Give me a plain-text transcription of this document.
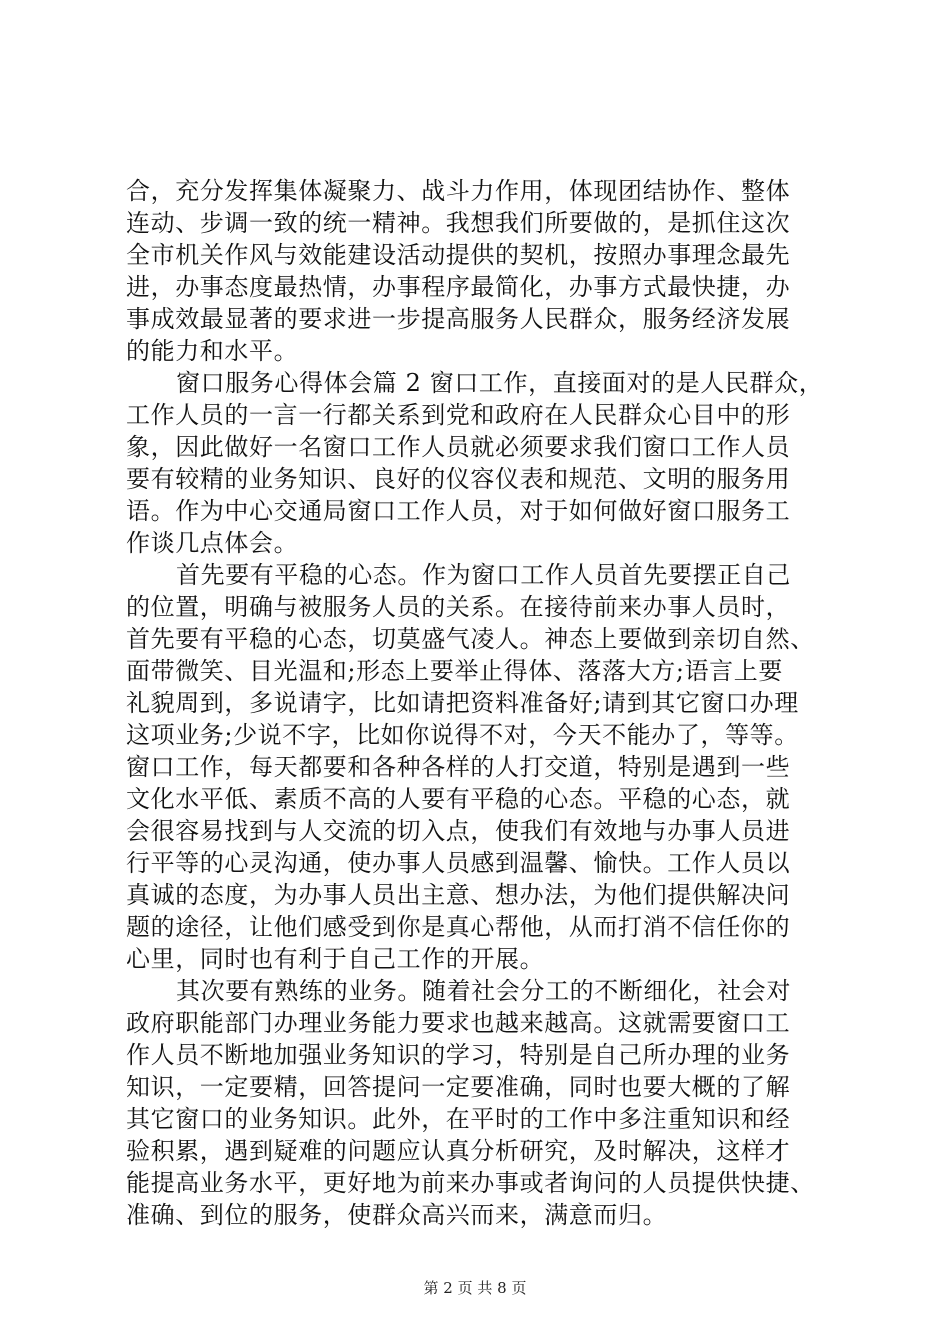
合，充分发挥集体凝聚力、战斗力作用，体现团结协作、整体
连动、步调一致的统一精神。我想我们所要做的，是抓住这次
全市机关作风与效能建设活动提供的契机，按照办事理念最先
进，办事态度最热情，办事程序最简化，办事方式最快捷，办
事成效最显著的要求进一步提高服务人民群众，服务经济发展
的能力和水平。
窗口服务心得体会篇 2 窗口工作，直接面对的是人民群众，
工作人员的一言一行都关系到党和政府在人民群众心目中的形
象，因此做好一名窗口工作人员就必须要求我们窗口工作人员
要有较精的业务知识、良好的仪容仪表和规范、文明的服务用
语。作为中心交通局窗口工作人员，对于如何做好窗口服务工
作谈几点体会。
首先要有平稳的心态。作为窗口工作人员首先要摆正自己
的位置，明确与被服务人员的关系。在接待前来办事人员时，
首先要有平稳的心态，切莫盛气凌人。神态上要做到亲切自然、
面带微笑、目光温和;形态上要举止得体、落落大方;语言上要
礼貌周到，多说请字，比如请把资料准备好;请到其它窗口办理
这项业务;少说不字，比如你说得不对，今天不能办了，等等。
窗口工作，每天都要和各种各样的人打交道，特别是遇到一些
文化水平低、素质不高的人要有平稳的心态。平稳的心态，就
会很容易找到与人交流的切入点，使我们有效地与办事人员进
行平等的心灵沟通，使办事人员感到温馨、愉快。工作人员以
真诚的态度，为办事人员出主意、想办法，为他们提供解决问
题的途径，让他们感受到你是真心帮他，从而打消不信任你的
心里，同时也有利于自己工作的开展。
其次要有熟练的业务。随着社会分工的不断细化，社会对
政府职能部门办理业务能力要求也越来越高。这就需要窗口工
作人员不断地加强业务知识的学习，特别是自己所办理的业务
知识，一定要精，回答提问一定要准确，同时也要大概的了解
其它窗口的业务知识。此外，在平时的工作中多注重知识和经
验积累，遇到疑难的问题应认真分析研究，及时解决，这样才
能提高业务水平，更好地为前来办事或者询问的人员提供快捷、
准确、到位的服务，使群众高兴而来，满意而归。
第 2 页 共 8 页
